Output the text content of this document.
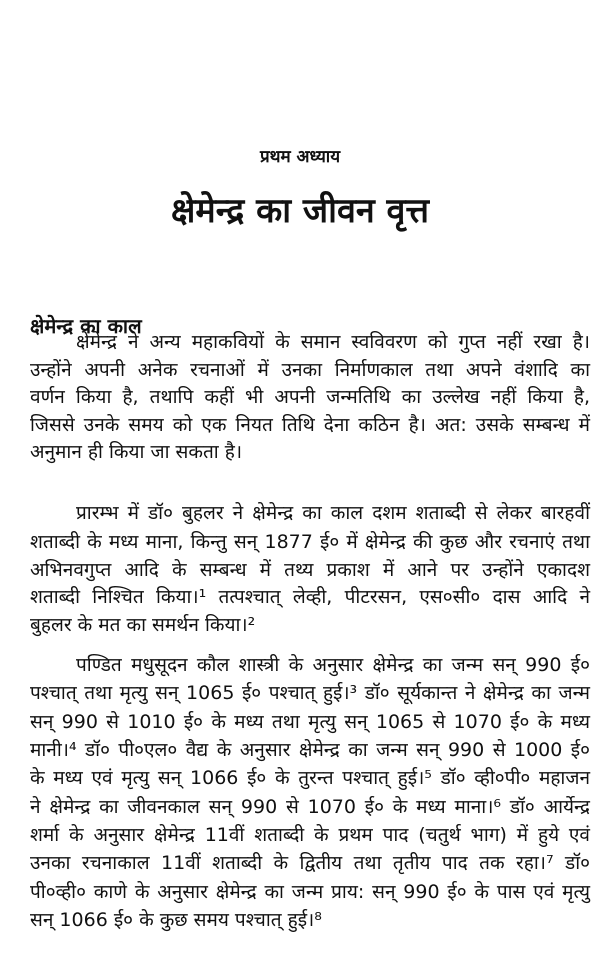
प्रथम अध्याय
क्षेमेन्द्र का जीवन वृत्त
क्षेमेन्द्र का काल
क्षेमेन्द्र ने अन्य महाकवियों के समान स्वविवरण को गुप्त नहीं रखा है।
उन्होंने अपनी अनेक रचनाओं में उनका निर्माणकाल तथा अपने वंशादि का
वर्णन किया है, तथापि कहीं भी अपनी जन्मतिथि का उल्लेख नहीं किया है,
जिससे उनके समय को एक नियत तिथि देना कठिन है। अत: उसके सम्बन्ध में
अनुमान ही किया जा सकता है।
प्रारम्भ में डॉ० बुहलर ने क्षेमेन्द्र का काल दशम शताब्दी से लेकर बारहवीं
शताब्दी के मध्य माना, किन्तु सन् 1877 ई० में क्षेमेन्द्र की कुछ और रचनाएं तथा
अभिनवगुप्त आदि के सम्बन्ध में तथ्य प्रकाश में आने पर उन्होंने एकादश
शताब्दी निश्चित किया।¹ तत्पश्चात् लेव्ही, पीटरसन, एस०सी० दास आदि ने
बुहलर के मत का समर्थन किया।²
पण्डित मधुसूदन कौल शास्त्री के अनुसार क्षेमेन्द्र का जन्म सन् 990 ई०
पश्चात् तथा मृत्यु सन् 1065 ई० पश्चात् हुई।³ डॉ० सूर्यकान्त ने क्षेमेन्द्र का जन्म
सन् 990 से 1010 ई० के मध्य तथा मृत्यु सन् 1065 से 1070 ई० के मध्य
मानी।⁴ डॉ० पी०एल० वैद्य के अनुसार क्षेमेन्द्र का जन्म सन् 990 से 1000 ई०
के मध्य एवं मृत्यु सन् 1066 ई० के तुरन्त पश्चात् हुई।⁵ डॉ० व्ही०पी० महाजन
ने क्षेमेन्द्र का जीवनकाल सन् 990 से 1070 ई० के मध्य माना।⁶ डॉ० आर्येन्द्र
शर्मा के अनुसार क्षेमेन्द्र 11वीं शताब्दी के प्रथम पाद (चतुर्थ भाग) में हुये एवं
उनका रचनाकाल 11वीं शताब्दी के द्वितीय तथा तृतीय पाद तक रहा।⁷ डॉ०
पी०व्ही० काणे के अनुसार क्षेमेन्द्र का जन्म प्राय: सन् 990 ई० के पास एवं मृत्यु
सन् 1066 ई० के कुछ समय पश्चात् हुई।⁸
